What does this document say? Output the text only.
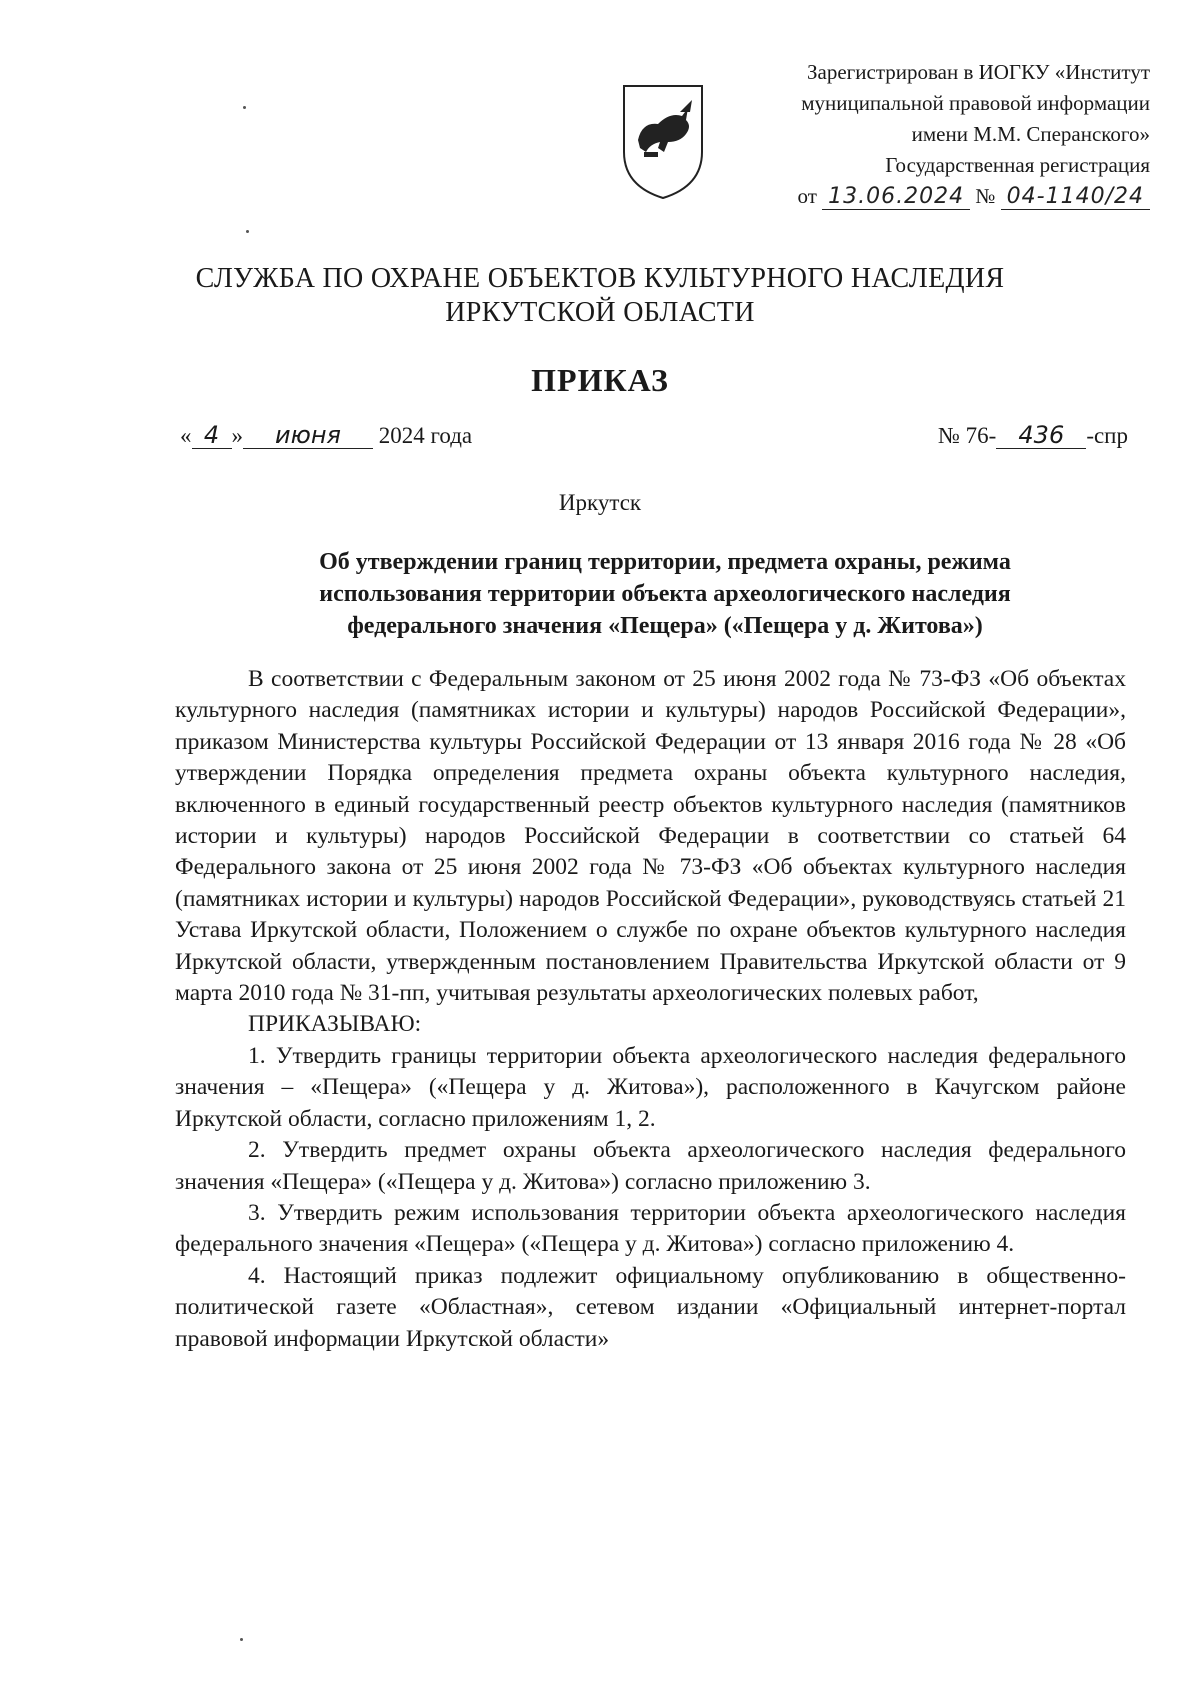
Зарегистрирован в ИОГКУ «Институт
муниципальной правовой информации
имени М.М. Сперанского»
Государственная регистрация
от 13.06.2024 № 04-1140/24
СЛУЖБА ПО ОХРАНЕ ОБЪЕКТОВ КУЛЬТУРНОГО НАСЛЕДИЯ
ИРКУТСКОЙ ОБЛАСТИ
ПРИКАЗ
« 4 » июня 2024 года	№ 76- 436 -спр
Иркутск
Об утверждении границ территории, предмета охраны, режима
использования территории объекта археологического наследия
федерального значения «Пещера» («Пещера у д. Житова»)

В соответствии с Федеральным законом от 25 июня 2002 года № 73-ФЗ «Об объектах культурного наследия (памятниках истории и культуры) народов Российской Федерации», приказом Министерства культуры Российской Федерации от 13 января 2016 года № 28 «Об утверждении Порядка определения предмета охраны объекта культурного наследия, включенного в единый государственный реестр объектов культурного наследия (памятников истории и культуры) народов Российской Федерации в соответствии со статьей 64 Федерального закона от 25 июня 2002 года № 73-ФЗ «Об объектах культурного наследия (памятниках истории и культуры) народов Российской Федерации», руководствуясь статьей 21 Устава Иркутской области, Положением о службе по охране объектов культурного наследия Иркутской области, утвержденным постановлением Правительства Иркутской области от 9 марта 2010 года № 31-пп, учитывая результаты археологических полевых работ,

ПРИКАЗЫВАЮ:

1. Утвердить границы территории объекта археологического наследия федерального значения – «Пещера» («Пещера у д. Житова»), расположенного в Качугском районе Иркутской области, согласно приложениям 1, 2.

2. Утвердить предмет охраны объекта археологического наследия федерального значения «Пещера» («Пещера у д. Житова») согласно приложению 3.

3. Утвердить режим использования территории объекта археологического наследия федерального значения «Пещера» («Пещера у д. Житова») согласно приложению 4.

4. Настоящий приказ подлежит официальному опубликованию в общественно-политической газете «Областная», сетевом издании «Официальный интернет-портал правовой информации Иркутской области»
